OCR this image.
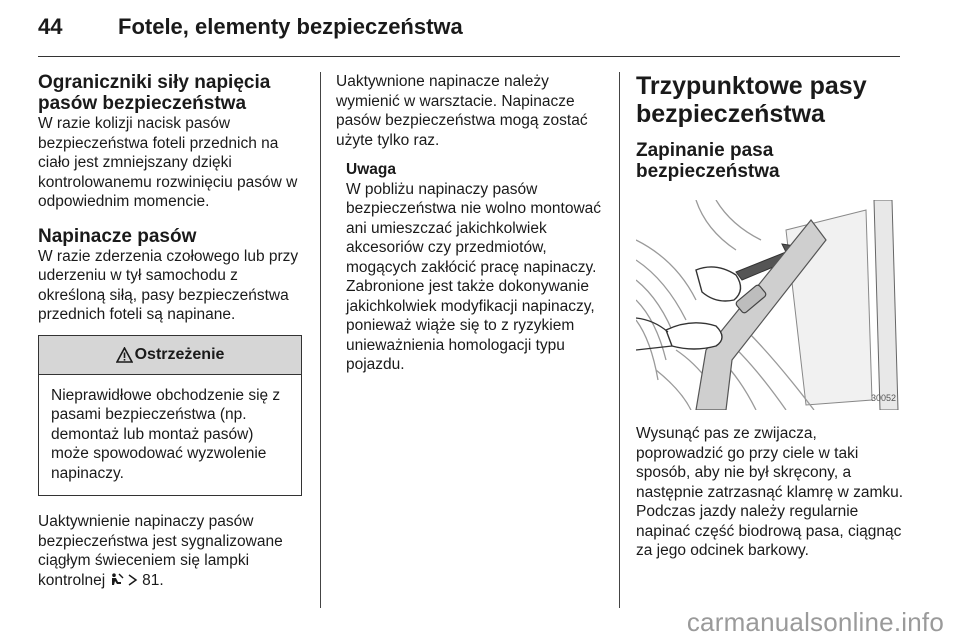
44	Fotele, elementy bezpieczeństwa
Ograniczniki siły napięcia pasów bezpieczeństwa

W razie kolizji nacisk pasów bezpieczeństwa foteli przednich na ciało jest zmniejszany dzięki kontrolowanemu rozwinięciu pasów w odpowiednim momencie.

Napinacze pasów

W razie zderzenia czołowego lub przy uderzeniu w tył samochodu z określoną siłą, pasy bezpieczeństwa przednich foteli są napinane.

Ostrzeżenie
Nieprawidłowe obchodzenie się z pasami bezpieczeństwa (np. demontaż lub montaż pasów) może spowodować wyzwolenie napinaczy.

Uaktywnienie napinaczy pasów bezpieczeństwa jest sygnalizowane ciągłym świeceniem się lampki kontrolnej 81.

Uaktywnione napinacze należy wymienić w warsztacie. Napinacze pasów bezpieczeństwa mogą zostać użyte tylko raz.

Uwaga
W pobliżu napinaczy pasów bezpieczeństwa nie wolno montować ani umieszczać jakichkolwiek akcesoriów czy przedmiotów, mogących zakłócić pracę napinaczy. Zabronione jest także dokonywanie jakichkolwiek modyfikacji napinaczy, ponieważ wiąże się to z ryzykiem unieważnienia homologacji typu pojazdu.
Trzypunktowe pasy bezpieczeństwa
Zapinanie pasa bezpieczeństwa
30052

Wysunąć pas ze zwijacza, poprowadzić go przy ciele w taki sposób, aby nie był skręcony, a następnie zatrzasnąć klamrę w zamku. Podczas jazdy należy regularnie napinać część biodrową pasa, ciągnąc za jego odcinek barkowy.

carmanualsonline.info
